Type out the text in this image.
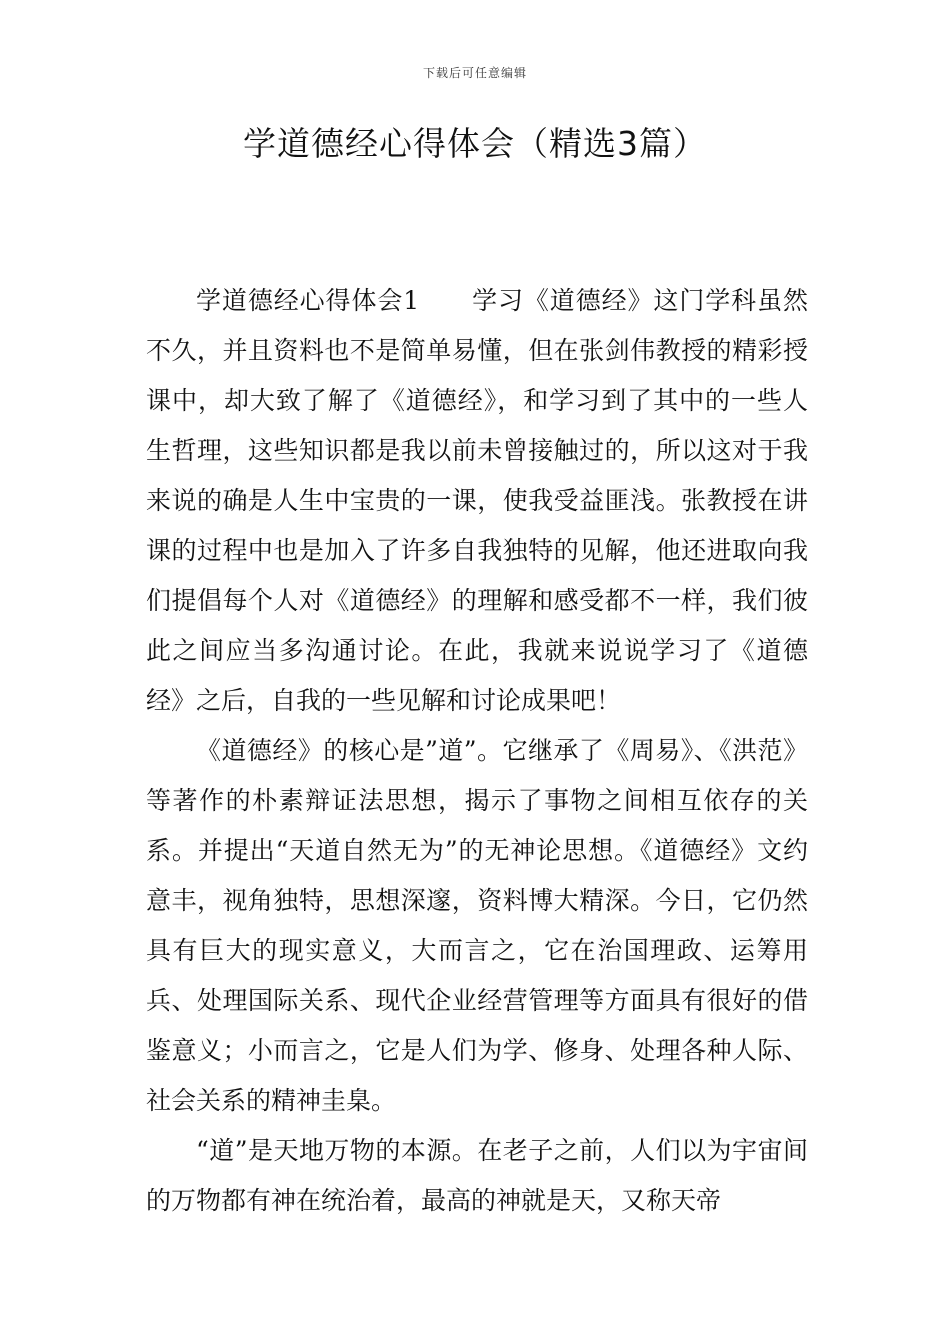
下载后可任意编辑
学道德经心得体会（精选3篇）

学道德经心得体会1 学习《道德经》这门学科虽然不久，并且资料也不是简单易懂，但在张剑伟教授的精彩授课中，却大致了解了《道德经》，和学习到了其中的一些人生哲理，这些知识都是我以前未曾接触过的，所以这对于我来说的确是人生中宝贵的一课，使我受益匪浅。张教授在讲课的过程中也是加入了许多自我独特的见解，他还进取向我们提倡每个人对《道德经》的理解和感受都不一样，我们彼此之间应当多沟通讨论。在此，我就来说说学习了《道德经》之后，自我的一些见解和讨论成果吧！

《道德经》的核心是”道”。它继承了《周易》、《洪范》等著作的朴素辩证法思想，揭示了事物之间相互依存的关系。并提出“天道自然无为”的无神论思想。《道德经》文约意丰，视角独特，思想深邃，资料博大精深。今日，它仍然具有巨大的现实意义，大而言之，它在治国理政、运筹用兵、处理国际关系、现代企业经营管理等方面具有很好的借鉴意义；小而言之，它是人们为学、修身、处理各种人际、社会关系的精神圭臬。

“道”是天地万物的本源。在老子之前，人们以为宇宙间的万物都有神在统治着，最高的神就是天，又称天帝
